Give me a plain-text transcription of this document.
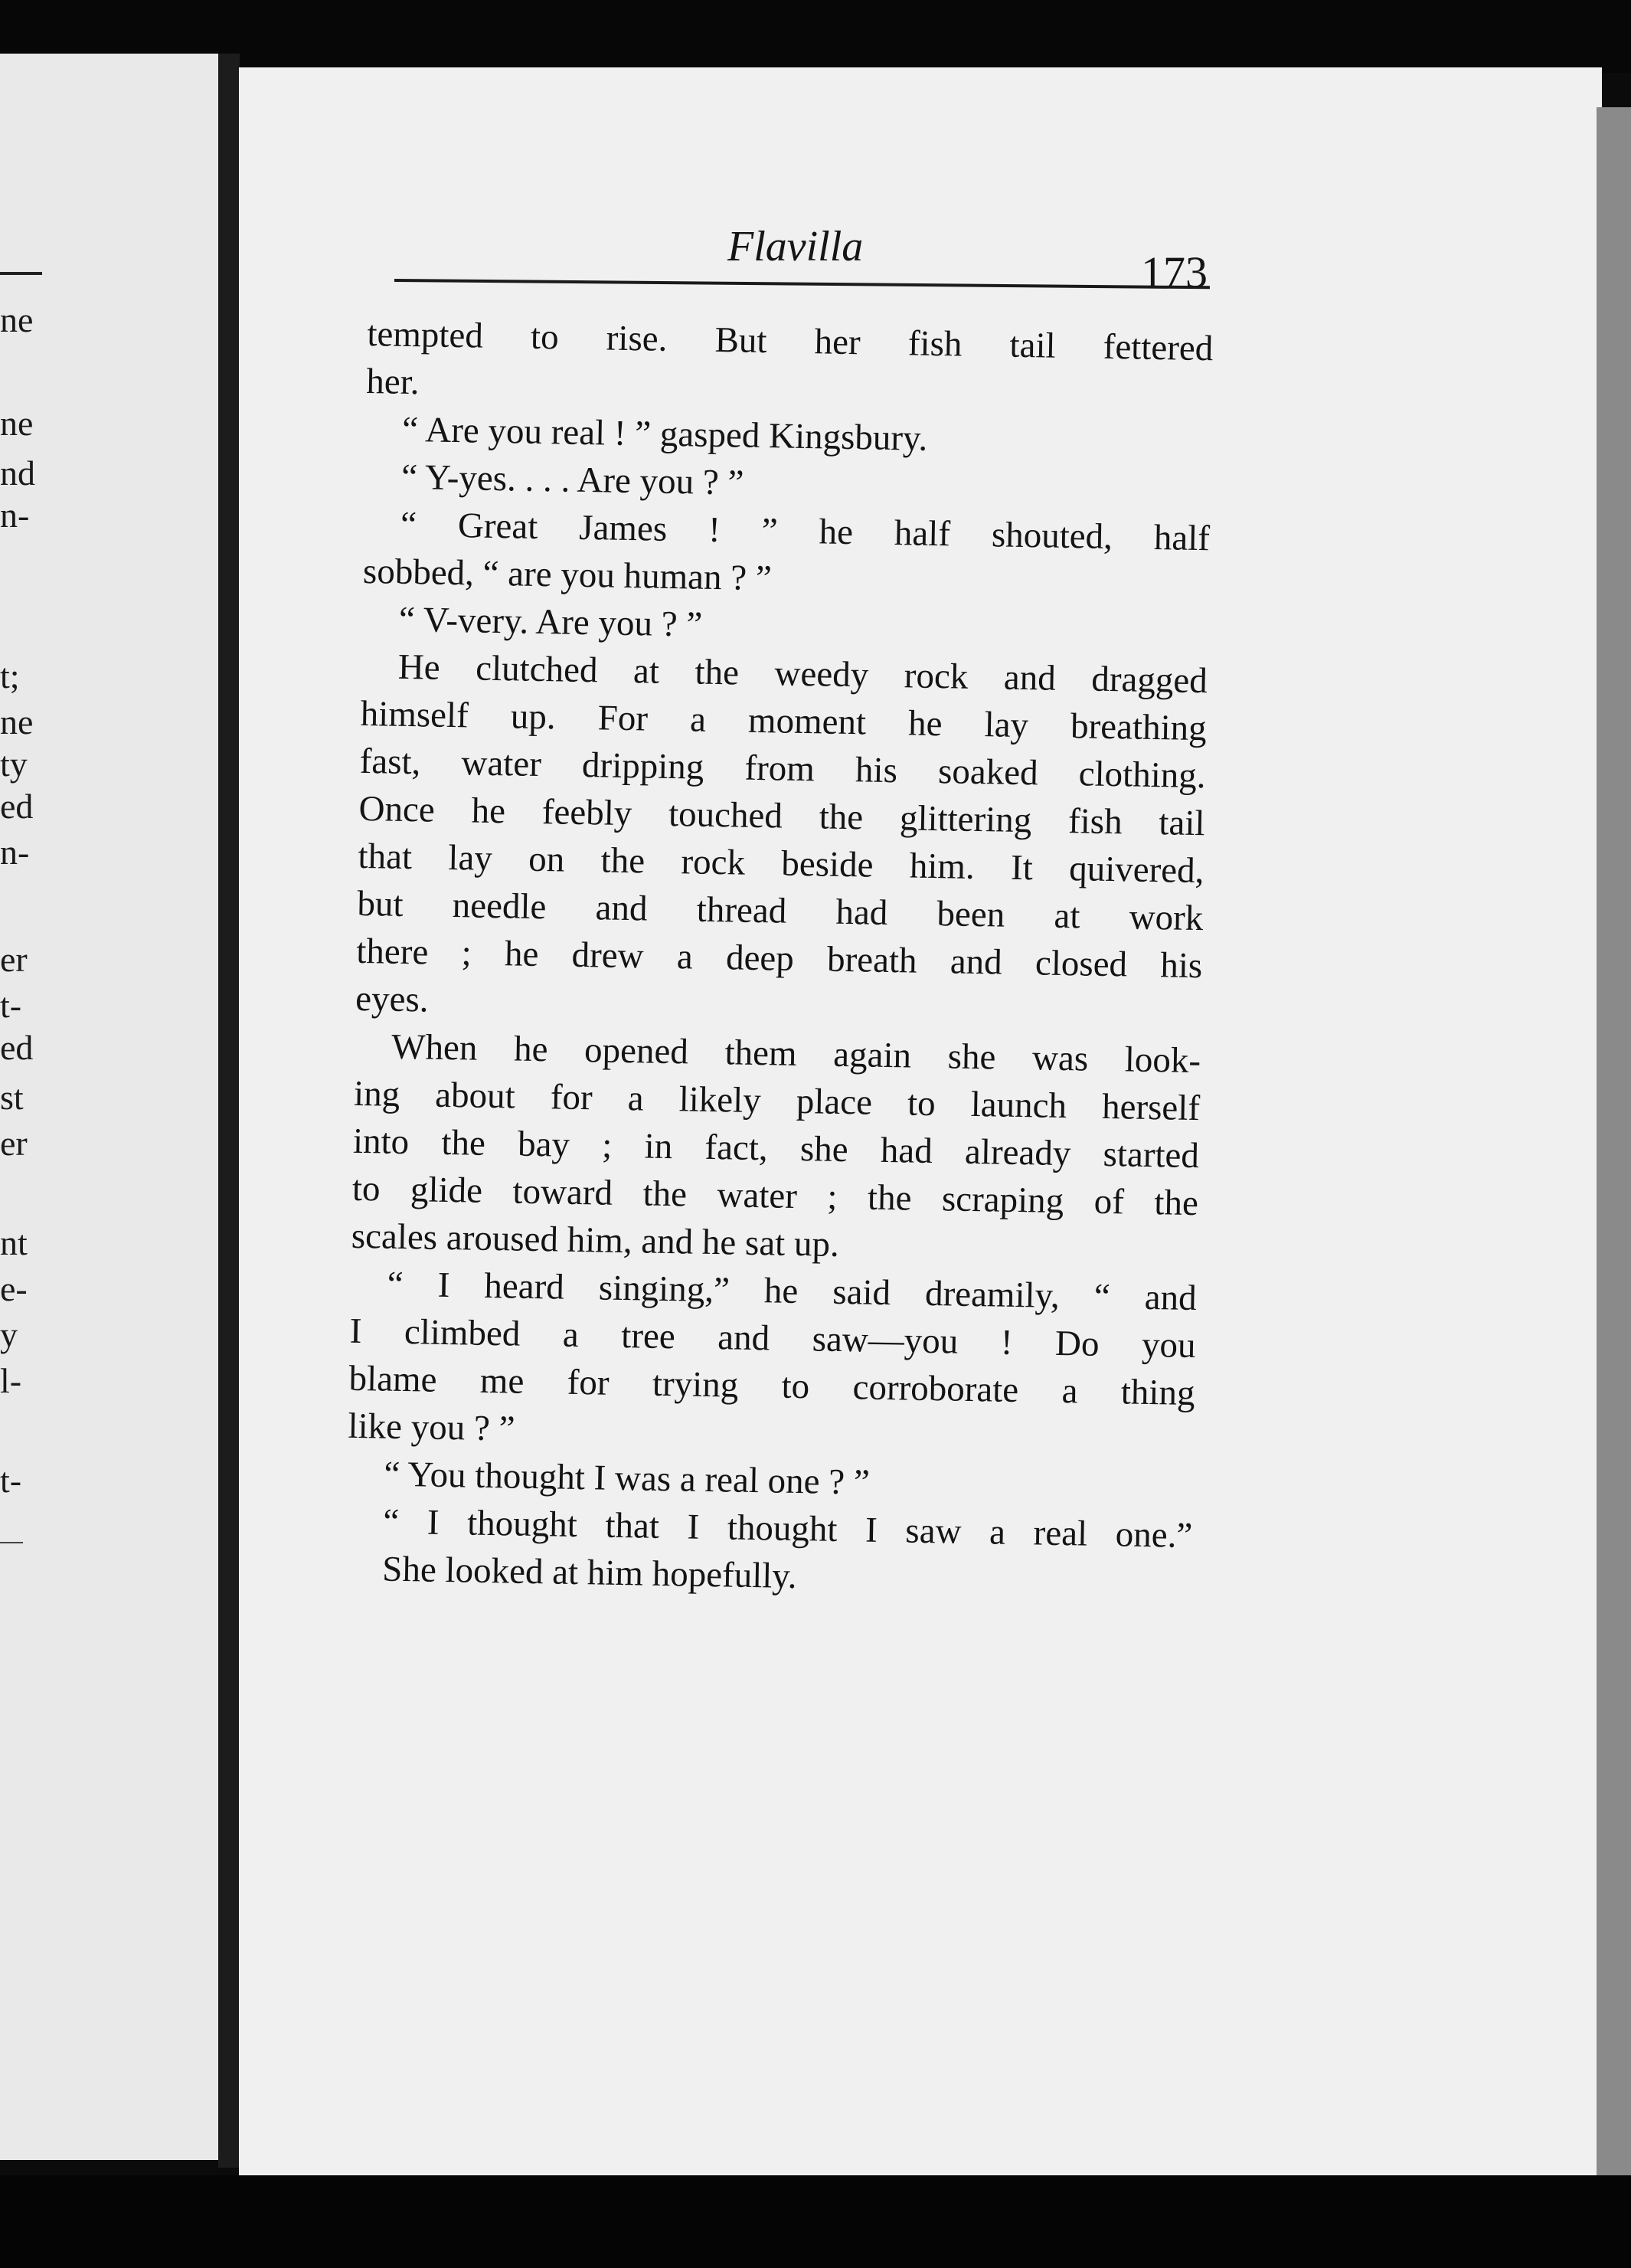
ne
ne
nd
n-
t;
ne
ty
ed
n-
er
t-
ed
st
er
nt
e-
y
l-
t-
Flavilla
173
tempted to rise. But her fish tail fettered
her.
“ Are you real ! ” gasped Kingsbury.
“ Y-yes. . . . Are you ? ”
“ Great James ! ” he half shouted, half
sobbed, “ are you human ? ”
“ V-very. Are you ? ”
He clutched at the weedy rock and dragged
himself up. For a moment he lay breathing
fast, water dripping from his soaked clothing.
Once he feebly touched the glittering fish tail
that lay on the rock beside him. It quivered,
but needle and thread had been at work
there ; he drew a deep breath and closed his
eyes.
When he opened them again she was look-
ing about for a likely place to launch herself
into the bay ; in fact, she had already started
to glide toward the water ; the scraping of the
scales aroused him, and he sat up.
“ I heard singing,” he said dreamily, “ and
I climbed a tree and saw—you ! Do you
blame me for trying to corroborate a thing
like you ? ”
“ You thought I was a real one ? ”
“ I thought that I thought I saw a real one.”
She looked at him hopefully.
